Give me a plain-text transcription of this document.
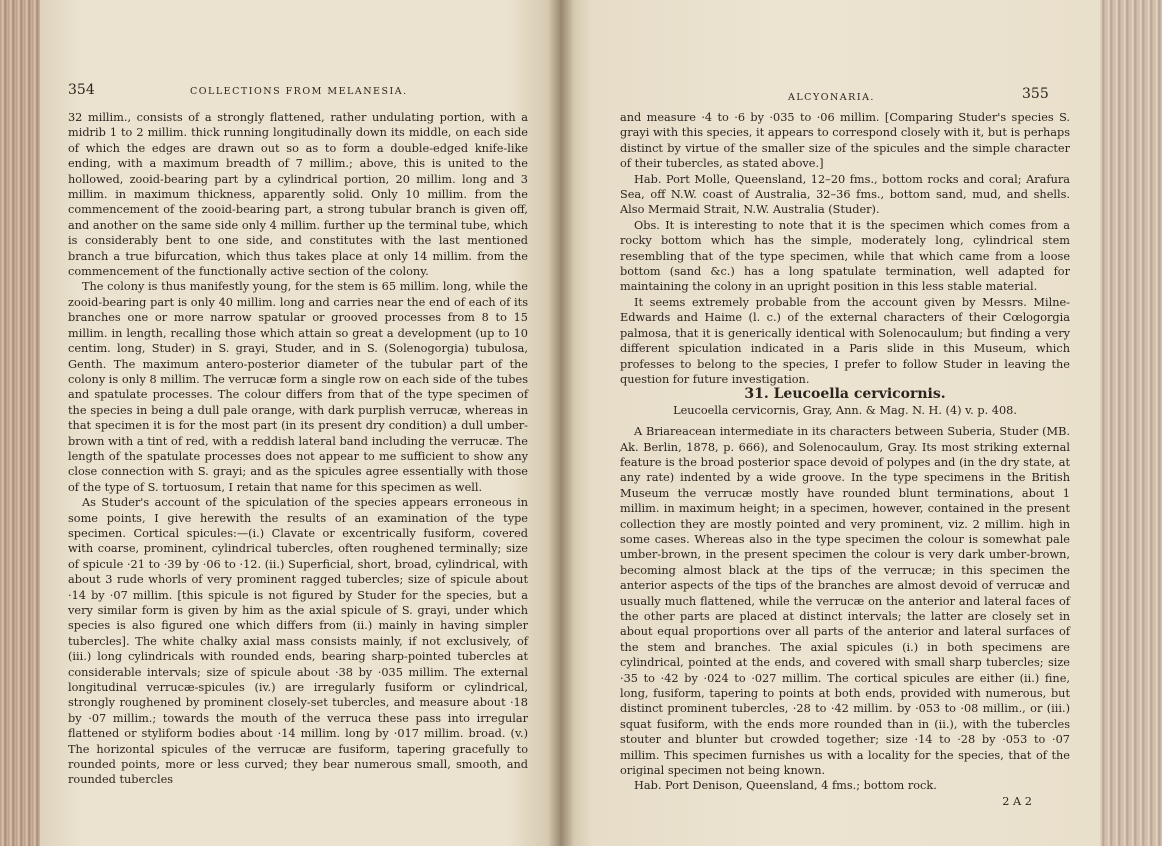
354	COLLECTIONS FROM MELANESIA.

32 millim., consists of a strongly flattened, rather undulating portion, with a midrib 1 to 2 millim. thick running longitudinally down its middle, on each side of which the edges are drawn out so as to form a double-edged knife-like ending, with a maximum breadth of 7 millim.; above, this is united to the hollowed, zooid-bearing part by a cylindrical portion, 20 millim. long and 3 millim. in maximum thickness, apparently solid. Only 10 millim. from the commencement of the zooid-bearing part, a strong tubular branch is given off, and another on the same side only 4 millim. further up the terminal tube, which is considerably bent to one side, and constitutes with the last mentioned branch a true bifurcation, which thus takes place at only 14 millim. from the commencement of the functionally active section of the colony.

The colony is thus manifestly young, for the stem is 65 millim. long, while the zooid-bearing part is only 40 millim. long and carries near the end of each of its branches one or more narrow spatular or grooved processes from 8 to 15 millim. in length, recalling those which attain so great a development (up to 10 centim. long, Studer) in S. grayi, Studer, and in S. (Solenogorgia) tubulosa, Genth. The maximum antero-posterior diameter of the tubular part of the colony is only 8 millim. The verrucæ form a single row on each side of the tubes and spatulate processes. The colour differs from that of the type specimen of the species in being a dull pale orange, with dark purplish verrucæ, whereas in that specimen it is for the most part (in its present dry condition) a dull umber-brown with a tint of red, with a reddish lateral band including the verrucæ. The length of the spatulate processes does not appear to me sufficient to show any close connection with S. grayi; and as the spicules agree essentially with those of the type of S. tortuosum, I retain that name for this specimen as well.

As Studer's account of the spiculation of the species appears erroneous in some points, I give herewith the results of an examination of the type specimen. Cortical spicules:—(i.) Clavate or excentrically fusiform, covered with coarse, prominent, cylindrical tubercles, often roughened terminally; size of spicule ·21 to ·39 by ·06 to ·12. (ii.) Superficial, short, broad, cylindrical, with about 3 rude whorls of very prominent ragged tubercles; size of spicule about ·14 by ·07 millim. [this spicule is not figured by Studer for the species, but a very similar form is given by him as the axial spicule of S. grayi, under which species is also figured one which differs from (ii.) mainly in having simpler tubercles]. The white chalky axial mass consists mainly, if not exclusively, of (iii.) long cylindricals with rounded ends, bearing sharp-pointed tubercles at considerable intervals; size of spicule about ·38 by ·035 millim. The external longitudinal verrucæ-spicules (iv.) are irregularly fusiform or cylindrical, strongly roughened by prominent closely-set tubercles, and measure about ·18 by ·07 millim.; towards the mouth of the verruca these pass into irregular flattened or styliform bodies about ·14 millim. long by ·017 millim. broad. (v.) The horizontal spicules of the verrucæ are fusiform, tapering gracefully to rounded points, more or less curved; they bear numerous small, smooth, and rounded tubercles

ALCYONARIA.	355

and measure ·4 to ·6 by ·035 to ·06 millim. [Comparing Studer's species S. grayi with this species, it appears to correspond closely with it, but is perhaps distinct by virtue of the smaller size of the spicules and the simple character of their tubercles, as stated above.]

Hab. Port Molle, Queensland, 12–20 fms., bottom rocks and coral; Arafura Sea, off N.W. coast of Australia, 32–36 fms., bottom sand, mud, and shells. Also Mermaid Strait, N.W. Australia (Studer).

Obs. It is interesting to note that it is the specimen which comes from a rocky bottom which has the simple, moderately long, cylindrical stem resembling that of the type specimen, while that which came from a loose bottom (sand &c.) has a long spatulate termination, well adapted for maintaining the colony in an upright position in this less stable material.

It seems extremely probable from the account given by Messrs. Milne-Edwards and Haime (l. c.) of the external characters of their Cœlogorgia palmosa, that it is generically identical with Solenocaulum; but finding a very different spiculation indicated in a Paris slide in this Museum, which professes to belong to the species, I prefer to follow Studer in leaving the question for future investigation.

31. Leucoella cervicornis.

Leucoella cervicornis, Gray, Ann. & Mag. N. H. (4) v. p. 408.

A Briareacean intermediate in its characters between Suberia, Studer (MB. Ak. Berlin, 1878, p. 666), and Solenocaulum, Gray. Its most striking external feature is the broad posterior space devoid of polypes and (in the dry state, at any rate) indented by a wide groove. In the type specimens in the British Museum the verrucæ mostly have rounded blunt terminations, about 1 millim. in maximum height; in a specimen, however, contained in the present collection they are mostly pointed and very prominent, viz. 2 millim. high in some cases. Whereas also in the type specimen the colour is somewhat pale umber-brown, in the present specimen the colour is very dark umber-brown, becoming almost black at the tips of the verrucæ; in this specimen the anterior aspects of the tips of the branches are almost devoid of verrucæ and usually much flattened, while the verrucæ on the anterior and lateral faces of the other parts are placed at distinct intervals; the latter are closely set in about equal proportions over all parts of the anterior and lateral surfaces of the stem and branches. The axial spicules (i.) in both specimens are cylindrical, pointed at the ends, and covered with small sharp tubercles; size ·35 to ·42 by ·024 to ·027 millim. The cortical spicules are either (ii.) fine, long, fusiform, tapering to points at both ends, provided with numerous, but distinct prominent tubercles, ·28 to ·42 millim. by ·053 to ·08 millim., or (iii.) squat fusiform, with the ends more rounded than in (ii.), with the tubercles stouter and blunter but crowded together; size ·14 to ·28 by ·053 to ·07 millim. This specimen furnishes us with a locality for the species, that of the original specimen not being known.

Hab. Port Denison, Queensland, 4 fms.; bottom rock.

2 A 2
